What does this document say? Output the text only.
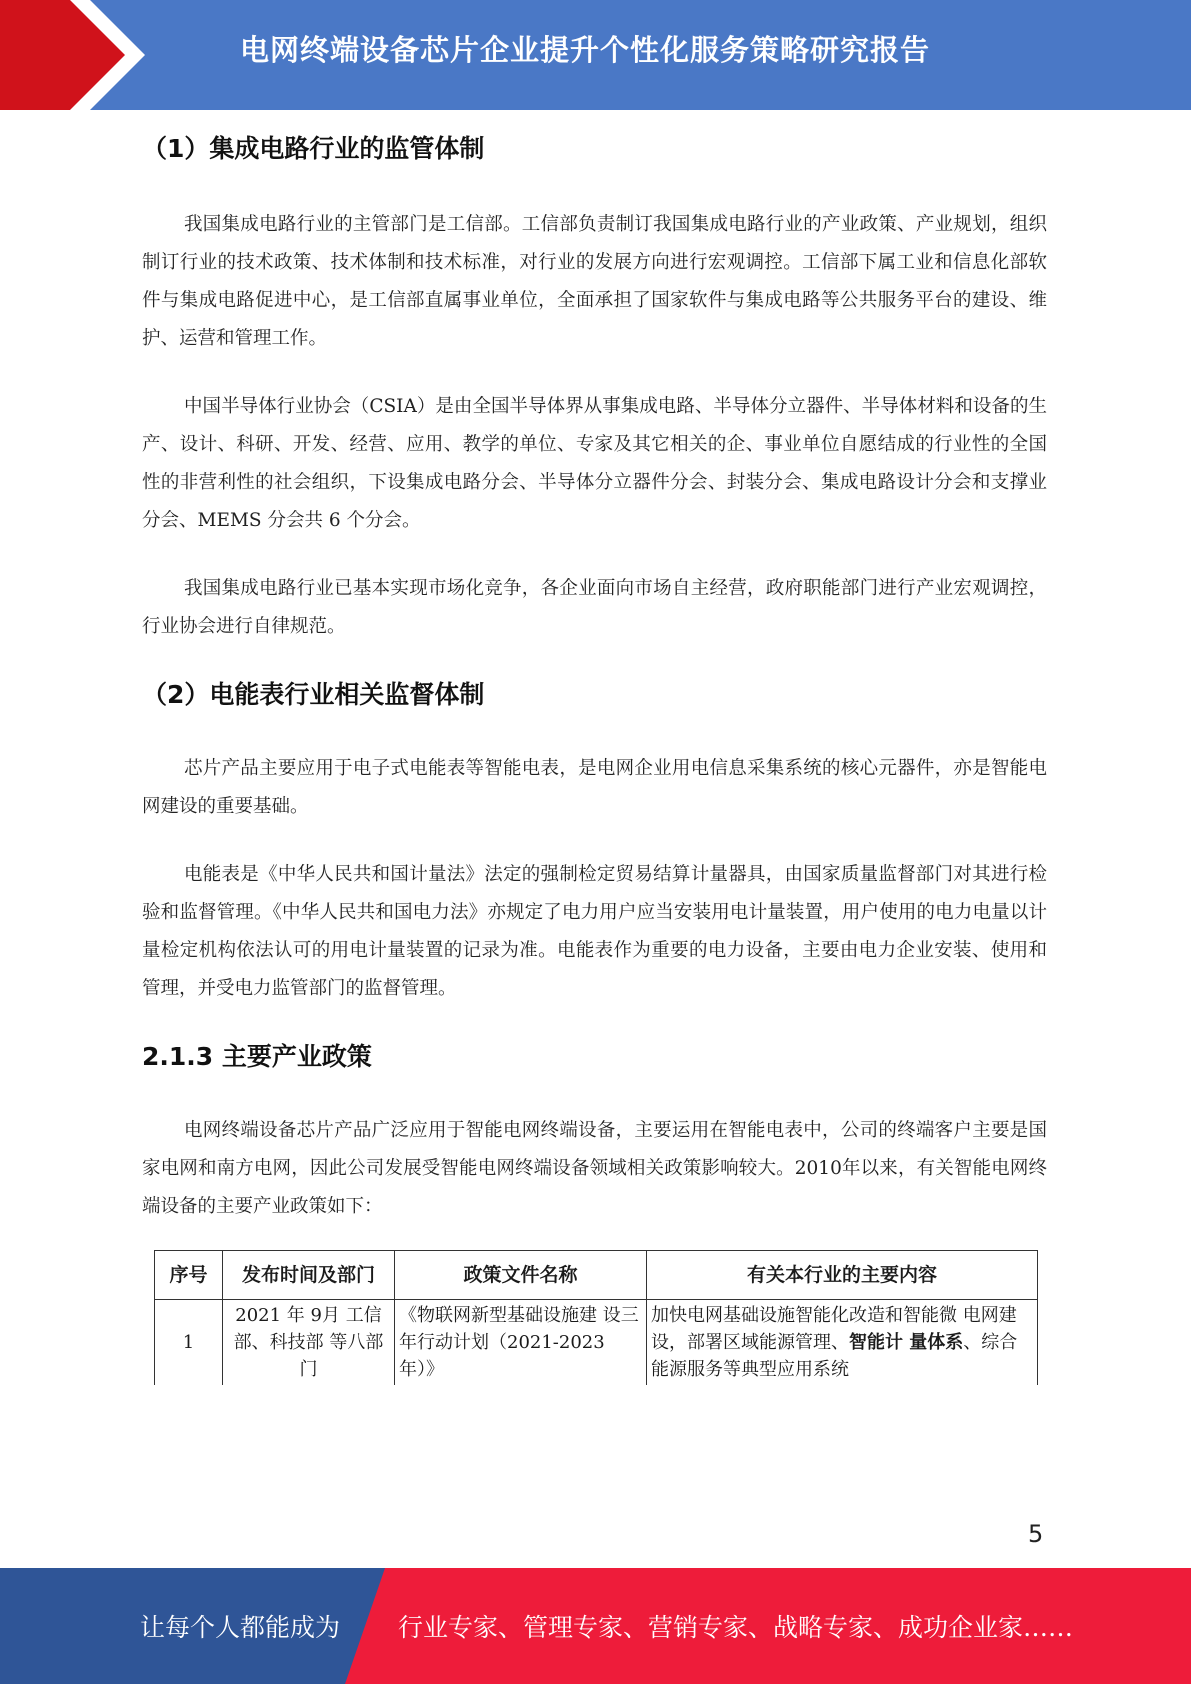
电网终端设备芯片企业提升个性化服务策略研究报告
（1）集成电路行业的监管体制

我国集成电路行业的主管部门是工信部。工信部负责制订我国集成电路行业的产业政策、产业规划，组织制订行业的技术政策、技术体制和技术标准，对行业的发展方向进行宏观调控。工信部下属工业和信息化部软件与集成电路促进中心，是工信部直属事业单位，全面承担了国家软件与集成电路等公共服务平台的建设、维护、运营和管理工作。

中国半导体行业协会（CSIA）是由全国半导体界从事集成电路、半导体分立器件、半导体材料和设备的生产、设计、科研、开发、经营、应用、教学的单位、专家及其它相关的企、事业单位自愿结成的行业性的全国性的非营利性的社会组织，下设集成电路分会、半导体分立器件分会、封装分会、集成电路设计分会和支撑业分会、MEMS 分会共 6 个分会。

我国集成电路行业已基本实现市场化竞争，各企业面向市场自主经营，政府职能部门进行产业宏观调控，行业协会进行自律规范。

（2）电能表行业相关监督体制

芯片产品主要应用于电子式电能表等智能电表，是电网企业用电信息采集系统的核心元器件，亦是智能电网建设的重要基础。

电能表是《中华人民共和国计量法》法定的强制检定贸易结算计量器具，由国家质量监督部门对其进行检验和监督管理。《中华人民共和国电力法》亦规定了电力用户应当安装用电计量装置，用户使用的电力电量以计量检定机构依法认可的用电计量装置的记录为准。电能表作为重要的电力设备，主要由电力企业安装、使用和管理，并受电力监管部门的监督管理。

2.1.3 主要产业政策

电网终端设备芯片产品广泛应用于智能电网终端设备，主要运用在智能电表中，公司的终端客户主要是国家电网和南方电网，因此公司发展受智能电网终端设备领域相关政策影响较大。2010年以来，有关智能电网终端设备的主要产业政策如下：

序号	发布时间及部门	政策文件名称	有关本行业的主要内容
1	2021 年 9月 工信部、科技部 等八部门	《物联网新型基础设施建 设三年行动计划（2021-2023 年）》	加快电网基础设施智能化改造和智能微 电网建设，部署区域能源管理、智能计 量体系、综合能源服务等典型应用系统
5
让每个人都能成为 行业专家、管理专家、营销专家、战略专家、成功企业家……
